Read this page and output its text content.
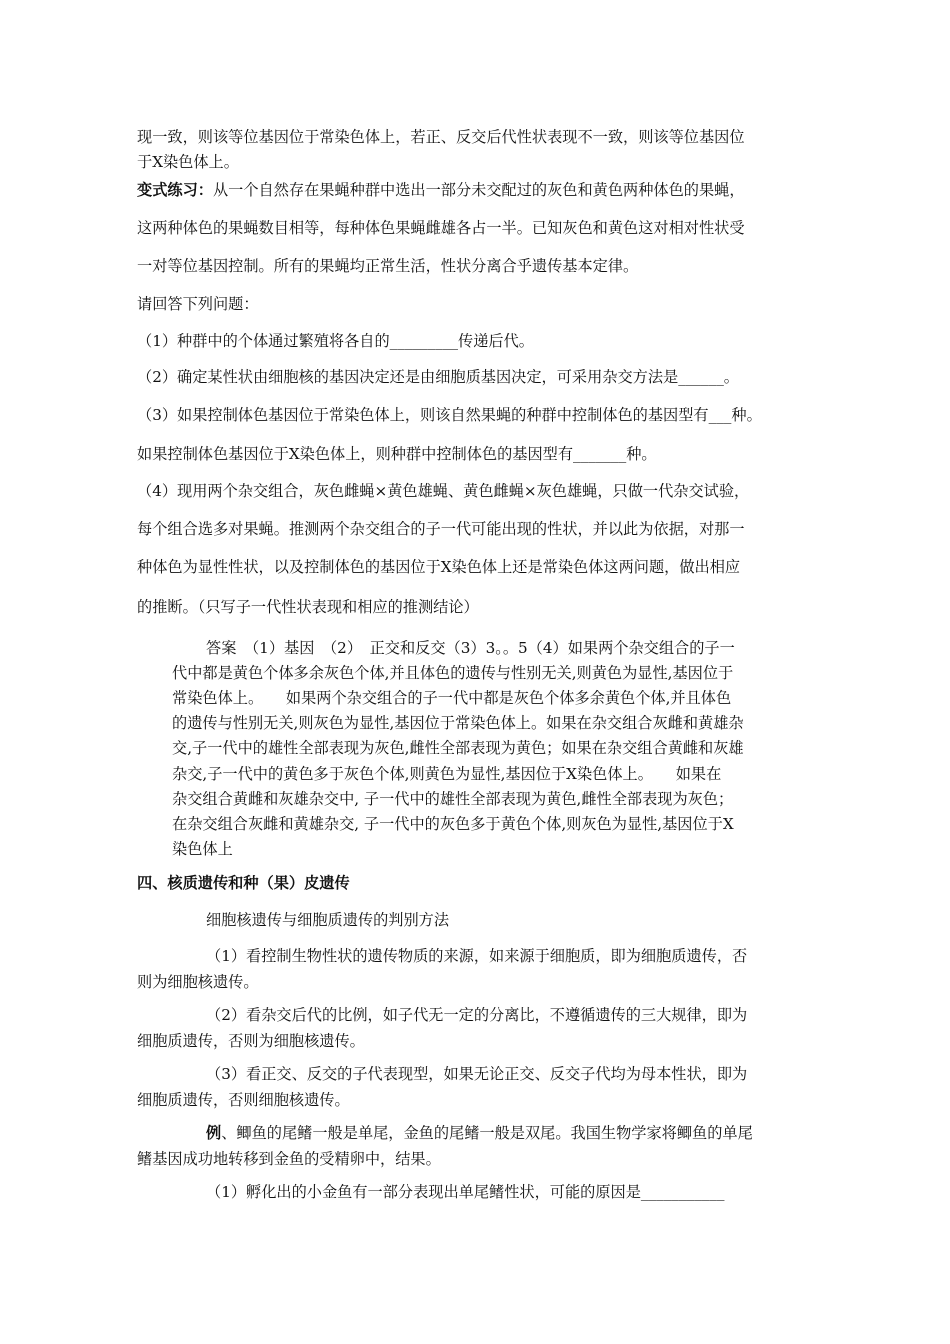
现一致，则该等位基因位于常染色体上，若正、反交后代性状表现不一致，则该等位基因位
于X染色体上。
变式练习：从一个自然存在果蝇种群中选出一部分未交配过的灰色和黄色两种体色的果蝇，
这两种体色的果蝇数目相等，每种体色果蝇雌雄各占一半。已知灰色和黄色这对相对性状受
一对等位基因控制。所有的果蝇均正常生活，性状分离合乎遗传基本定律。
请回答下列问题：
（1）种群中的个体通过繁殖将各自的_________传递后代。
（2）确定某性状由细胞核的基因决定还是由细胞质基因决定，可采用杂交方法是______。
（3）如果控制体色基因位于常染色体上，则该自然果蝇的种群中控制体色的基因型有___种。
如果控制体色基因位于X染色体上，则种群中控制体色的基因型有_______种。
（4）现用两个杂交组合，灰色雌蝇×黄色雄蝇、黄色雌蝇×灰色雄蝇，只做一代杂交试验，
每个组合选多对果蝇。推测两个杂交组合的子一代可能出现的性状，并以此为依据，对那一
种体色为显性性状，以及控制体色的基因位于X染色体上还是常染色体这两问题，做出相应
的推断。（只写子一代性状表现和相应的推测结论）
答案　（1）基因　（2）　正交和反交（3）3。。5（4）如果两个杂交组合的子一
代中都是黄色个体多余灰色个体,并且体色的遗传与性别无关,则黄色为显性,基因位于
常染色体上。　　如果两个杂交组合的子一代中都是灰色个体多余黄色个体,并且体色
的遗传与性别无关,则灰色为显性,基因位于常染色体上。如果在杂交组合灰雌和黄雄杂
交,子一代中的雄性全部表现为灰色,雌性全部表现为黄色；如果在杂交组合黄雌和灰雄
杂交,子一代中的黄色多于灰色个体,则黄色为显性,基因位于X染色体上。　　如果在
杂交组合黄雌和灰雄杂交中, 子一代中的雄性全部表现为黄色,雌性全部表现为灰色；
在杂交组合灰雌和黄雄杂交, 子一代中的灰色多于黄色个体,则灰色为显性,基因位于X
染色体上
四、核质遗传和种（果）皮遗传
细胞核遗传与细胞质遗传的判别方法
（1）看控制生物性状的遗传物质的来源，如来源于细胞质，即为细胞质遗传，否
则为细胞核遗传。
（2）看杂交后代的比例，如子代无一定的分离比，不遵循遗传的三大规律，即为
细胞质遗传，否则为细胞核遗传。
（3）看正交、反交的子代表现型，如果无论正交、反交子代均为母本性状，即为
细胞质遗传，否则细胞核遗传。
例、鲫鱼的尾鳍一般是单尾，金鱼的尾鳍一般是双尾。我国生物学家将鲫鱼的单尾
鳍基因成功地转移到金鱼的受精卵中，结果。
（1）孵化出的小金鱼有一部分表现出单尾鳍性状，可能的原因是___________
